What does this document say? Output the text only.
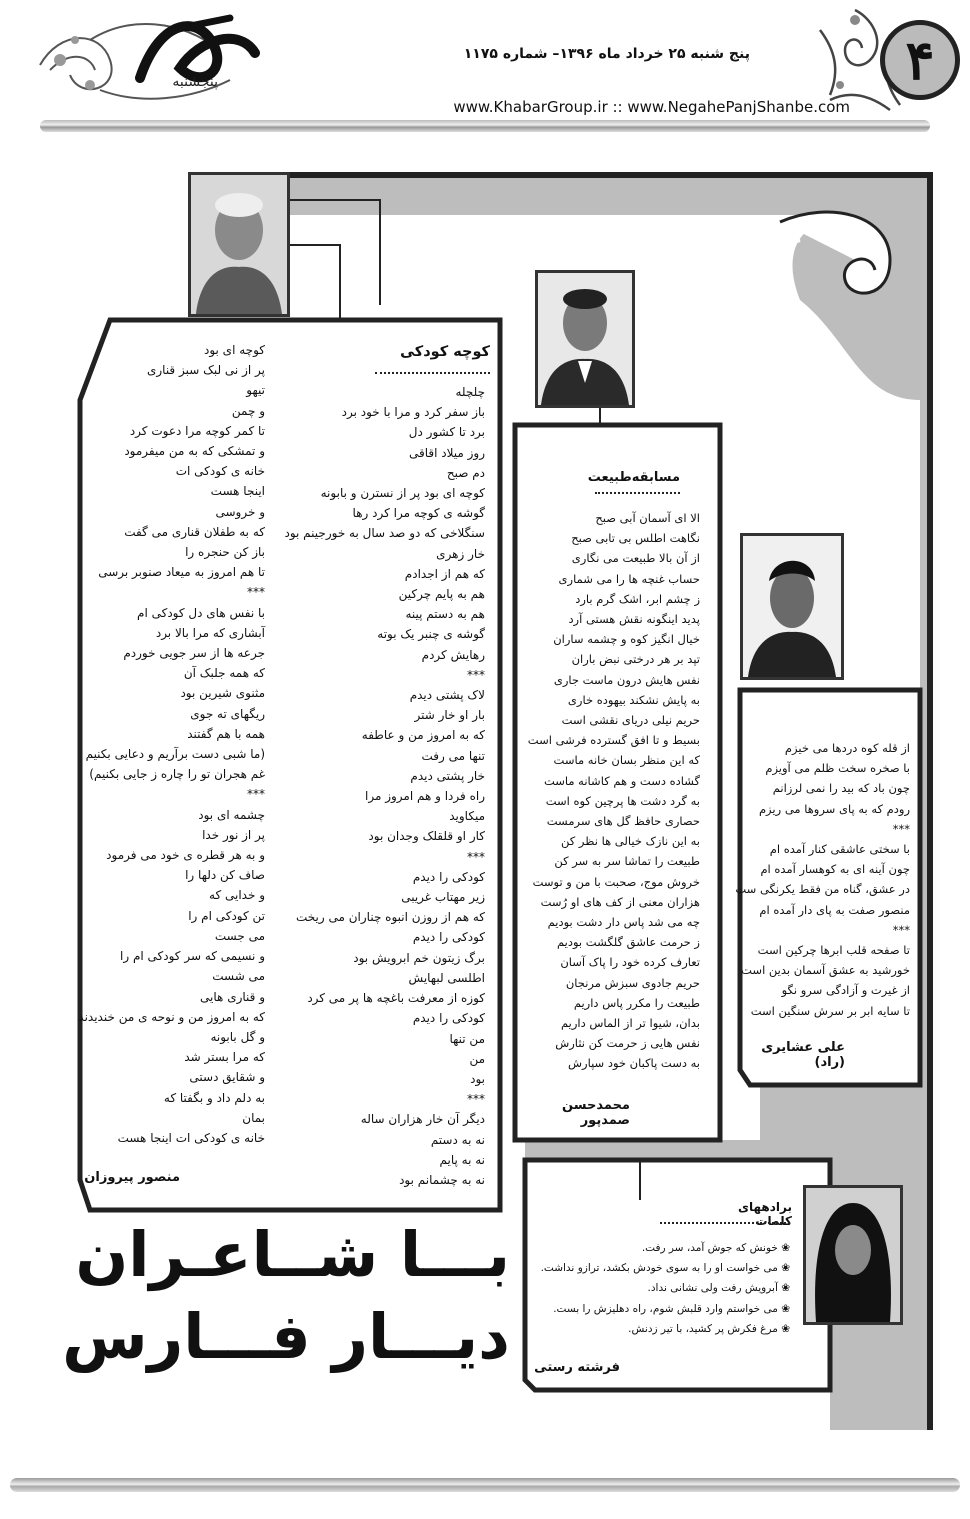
پنجشنبه
پنج شنبه ۲۵ خرداد ماه ۱۳۹۶– شماره ۱۱۷۵
www.KhabarGroup.ir :: www.NegahePanjShanbe.com
۴
کوچه کودکی
چلچله
باز سفر کرد و مرا با خود برد
برد تا کشور دل
روز میلاد اقاقی
دم صبح
کوچه ای بود پر از نسترن و بابونه
گوشه ی کوچه مرا کرد رها
سنگلاخی که دو صد سال به خورجینم بود
خار زهری
که هم از اجدادم
هم به پایم چرکین
هم به دستم پینه
گوشه ی چنبر یک بوته
رهایش کردم
***
لاک پشتی دیدم
بار او خار شتر
که به امروز من و عاطفه
تنها می رفت
خار پشتی دیدم
راه فردا و هم امروز مرا
میکاوید
کار او قلقلک وجدان بود
***
کودکی را دیدم
زیر مهتاب غریبی
که هم از روزن انبوه چناران می ریخت
کودکی را دیدم
برگ زیتون خم ابرویش بود
اطلسی لبهایش
کوزه از معرفت باغچه ها پر می کرد
کودکی را دیدم
من تنها
من
بود
***
دیگر آن خار هزاران ساله
نه به دستم
نه به پایم
نه به چشمانم بود
کوچه ای بود
پر از نی لبک سبز قناری
تیهو
و چمن
تا کمر کوچه مرا دعوت کرد
و تمشکی که به من میفرمود
خانه ی کودکی ات
اینجا هست
و خروسی
که به طفلان قناری می گفت
باز کن حنجره را
تا هم امروز به میعاد صنوبر برسی
***
با نفس های دل کودکی ام
آبشاری که مرا بالا برد
جرعه ها از سر جویی خوردم
که همه جلبک آن
مثنوی شیرین بود
ریگهای ته جوی
همه با هم گفتند
(ما شبی دست برآریم و دعایی بکنیم
غم هجران تو را چاره ز جایی بکنیم)
***
چشمه ای بود
پر از نور خدا
و به هر قطره ی خود می فرمود
صاف کن دلها را
و خدایی که
تن کودکی ام را
می جست
و نسیمی که سر کودکی ام را
می شست
و قناری هایی
که به امروز من و نوحه ی من خندیدند
و گل بابونه
که مرا بستر شد
و شقایق دستی
به دلم داد و بگفتا که
بمان
خانه ی کودکی ات اینجا هست
منصور پیروزان
مسابقه‌طبیعت
الا ای آسمان آبی صبح
نگاهت اطلس بی تابی صبح
از آن بالا طبیعت می نگاری
حساب غنچه ها را می شماری
ز چشم ابر، اشک گرم بارد
پدید اینگونه نقش هستی آرد
خیال انگیز کوه و چشمه ساران
تپد بر هر درختی نبض باران
نفس هایش درون ماست جاری
به پایش نشکند بیهوده خاری
حریم نیلی دریای نقشی است
بسیط و تا افق گسترده فرشی است
که این منظر بسان خانه ماست
گشاده دست و هم کاشانه ماست
به گرد دشت ها پرچین کوه است
حصاری حافظ گل های سرمست
به این نازک خیالی ها نظر کن
طبیعت را تماشا سر به سر کن
خروش موج، صحبت با من و توست
هزاران معنی از کف های او رُست
چه می شد پاس دار دشت بودیم
ز حرمت عاشق گلگشت بودیم
تعارف کرده خود را پاک آسان
حریم جادوی سبزش مرنجان
طبیعت را مکرر پاس داریم
بدان، شیوا تر از الماس داریم
نفس هایی ز حرمت کن نثارش
به دست پاکبان خود سپارش
محمدحسن صمدپور
از قله کوه دردها می خیزم
با صخره سخت ظلم می آویزم
چون باد که بید را نمی لرزانم
رودم که به پای سروها می ریزم
***
با سختی عاشقی کنار آمده ام
چون آینه ای به کوهسار آمده ام
در عشق، گناه من فقط یکرنگی ست
منصور صفت به پای دار آمده ام
***
تا صفحه قلب ابرها چرکین است
خورشید به عشق آسمان بدین است
از غیرت و آزادگی سرو نگو
تا سایه ابر بر سرش سنگین است
علی عشایری (راد)
برادههای کلمات
❀ خونش که جوش آمد، سر رفت.
❀ می خواست او را به سوی خودش بکشد، ترازو نداشت.
❀ آبرویش رفت ولی نشانی نداد.
❀ می خواستم وارد قلبش شوم، راه دهلیزش را بست.
❀ مرغ فکرش پر کشید، با تیر زدنش.
فرشته رستی
بـــا شــاعـران
دیـــار فـــارس
